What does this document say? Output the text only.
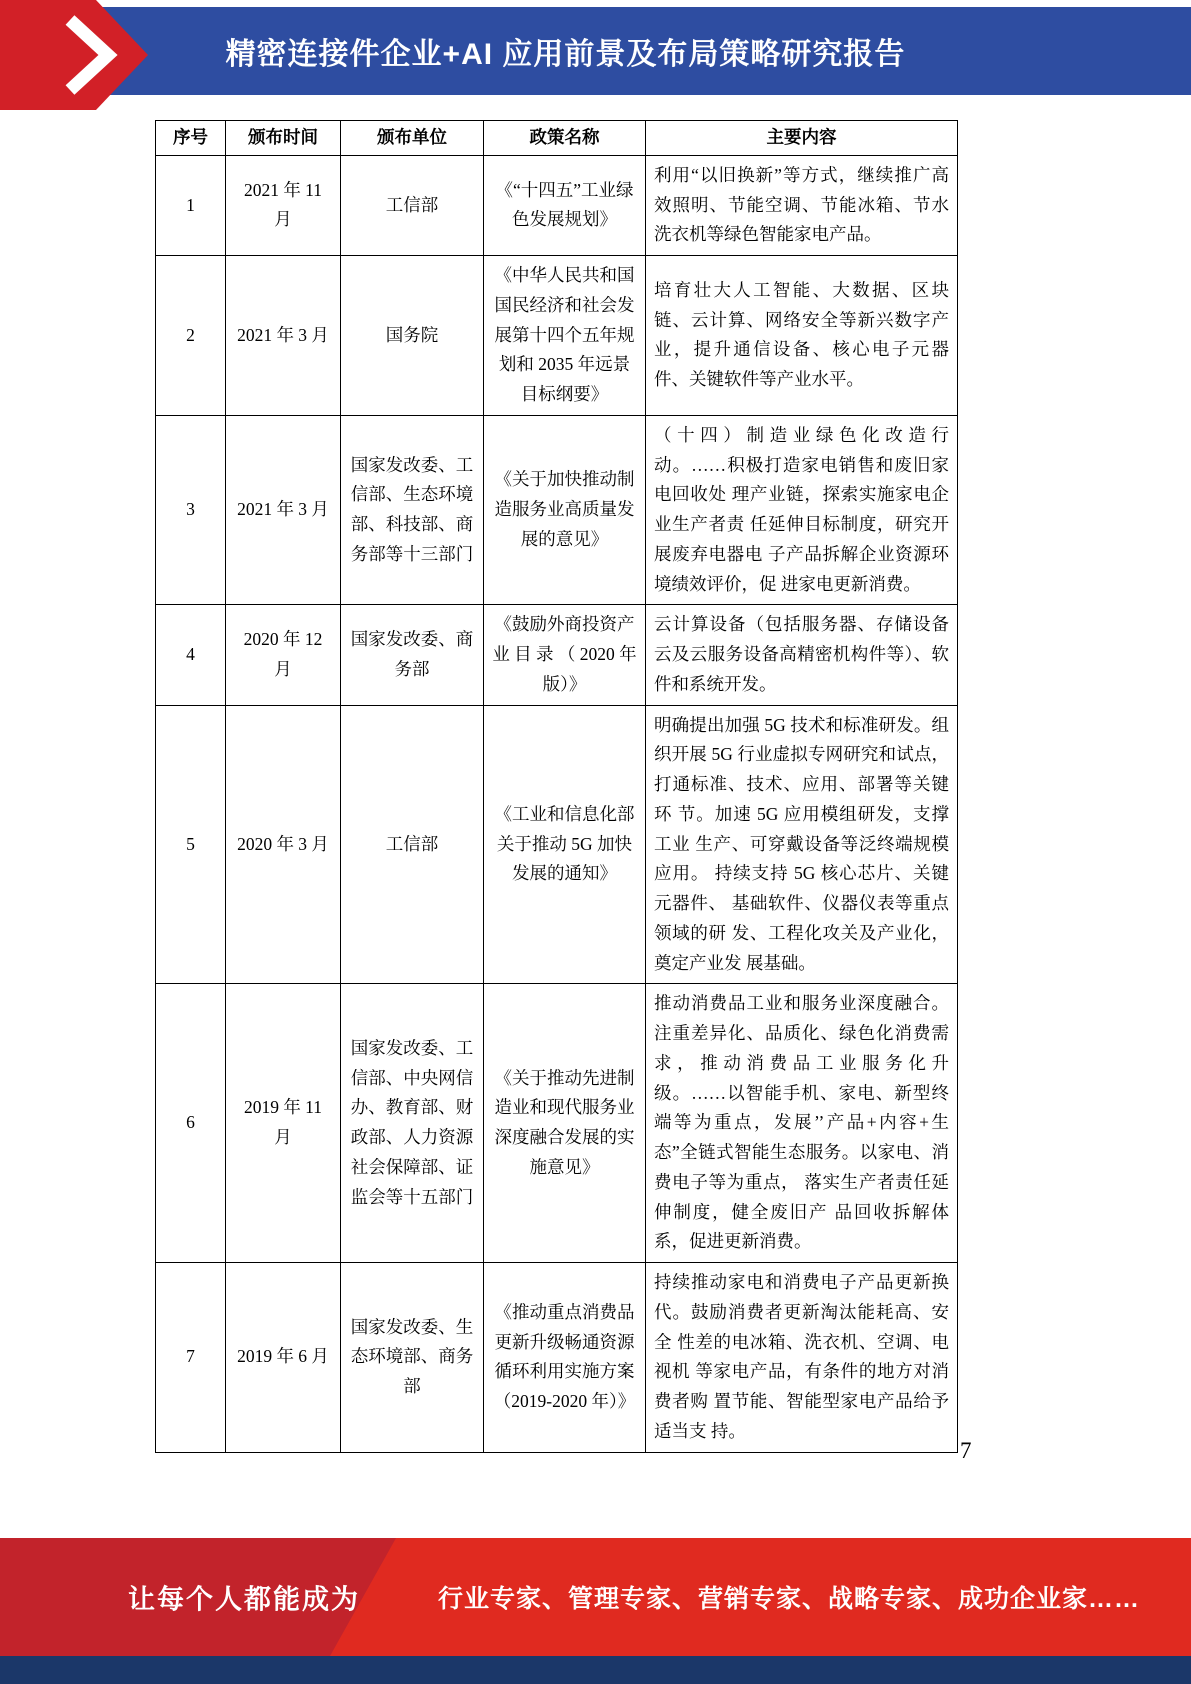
精密连接件企业+AI 应用前景及布局策略研究报告
序号	颁布时间	颁布单位	政策名称	主要内容
1	2021 年 11 月	工信部	《“十四五”工业绿色发展规划》	利用“以旧换新”等方式，继续推广高效照明、节能空调、节能冰箱、节水洗衣机等绿色智能家电产品。
2	2021 年 3 月	国务院	《中华人民共和国国民经济和社会发展第十四个五年规划和 2035 年远景 目标纲要》	培育壮大人工智能、大数据、区块链、云计算、网络安全等新兴数字产业，提升通信设备、核心电子元器件、关键软件等产业水平。
3	2021 年 3 月	国家发改委、工信部、生态环境部、科技部、商务部等十三部门	《关于加快推动制造服务业高质量发展的意见》	（十四）制造业绿色化改造行动。……积极打造家电销售和废旧家电回收处 理产业链，探索实施家电企业生产者责 任延伸目标制度，研究开展废弃电器电 子产品拆解企业资源环境绩效评价，促 进家电更新消费。
4	2020 年 12 月	国家发改委、商务部	《鼓励外商投资产业 目 录 （ 2020 年版）》	云计算设备（包括服务器、存储设备云及云服务设备高精密机构件等）、软件和系统开发。
5	2020 年 3 月	工信部	《工业和信息化部关于推动 5G 加快 发展的通知》	明确提出加强 5G 技术和标准研发。组 织开展 5G 行业虚拟专网研究和试点， 打通标准、技术、应用、部署等关键环 节。加速 5G 应用模组研发，支撑工业 生产、可穿戴设备等泛终端规模应用。 持续支持 5G 核心芯片、关键元器件、 基础软件、仪器仪表等重点领域的研 发、工程化攻关及产业化，奠定产业发 展基础。
6	2019 年 11 月	国家发改委、工信部、中央网信办、教育部、财政部、人力资源社会保障部、证监会等十五部门	《关于推动先进制造业和现代服务业深度融合发展的实施意见》	推动消费品工业和服务业深度融合。注重差异化、品质化、绿色化消费需求，推动消费品工业服务化升级。……以智能手机、家电、新型终端等为重点，发展’’产品+内容+生态”全链式智能生态服务。以家电、消费电子等为重点， 落实生产者责任延伸制度，健全废旧产 品回收拆解体系，促进更新消费。
7	2019 年 6 月	国家发改委、生态环境部、商务部	《推动重点消费品更新升级畅通资源循环利用实施方案（2019-2020 年）》	持续推动家电和消费电子产品更新换 代。鼓励消费者更新淘汰能耗高、安全 性差的电冰箱、洗衣机、空调、电视机 等家电产品，有条件的地方对消费者购 置节能、智能型家电产品给予适当支 持。
7
让每个人都能成为	行业专家、管理专家、营销专家、战略专家、成功企业家……
